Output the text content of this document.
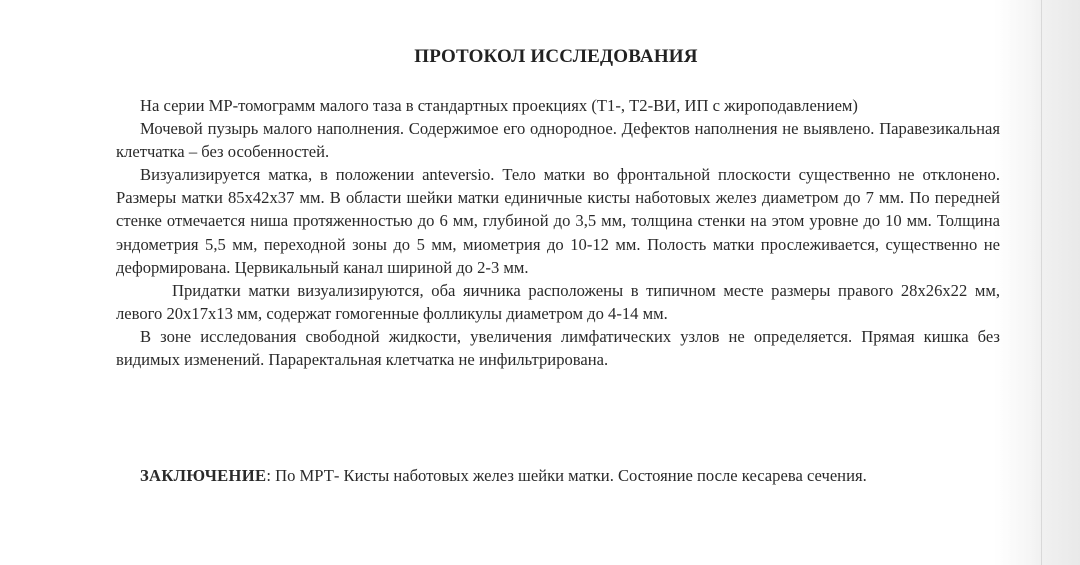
ПРОТОКОЛ ИССЛЕДОВАНИЯ

На серии МР-томограмм малого таза в стандартных проекциях (Т1-, Т2-ВИ, ИП с жироподавлением)

Мочевой пузырь малого наполнения. Содержимое его однородное. Дефектов наполнения не выявлено. Паравезикальная клетчатка – без особенностей.

Визуализируется матка, в положении anteversio. Тело матки во фронтальной плоскости существенно не отклонено. Размеры матки 85х42х37 мм. В области шейки матки единичные кисты наботовых желез диаметром до 7 мм. По передней стенке отмечается ниша протяженностью до 6 мм, глубиной до 3,5 мм, толщина стенки на этом уровне до 10 мм. Толщина эндометрия 5,5 мм, переходной зоны до 5 мм, миометрия до 10-12 мм. Полость матки прослеживается, существенно не деформирована. Цервикальный канал шириной до 2-3 мм.

Придатки матки визуализируются, оба яичника расположены в типичном месте размеры правого 28х26х22 мм, левого 20х17х13 мм, содержат гомогенные фолликулы диаметром до 4-14 мм.

В зоне исследования свободной жидкости, увеличения лимфатических узлов не определяется. Прямая кишка без видимых изменений. Параректальная клетчатка не инфильтрирована.

ЗАКЛЮЧЕНИЕ: По МРТ- Кисты наботовых желез шейки матки. Состояние после кесарева сечения.
